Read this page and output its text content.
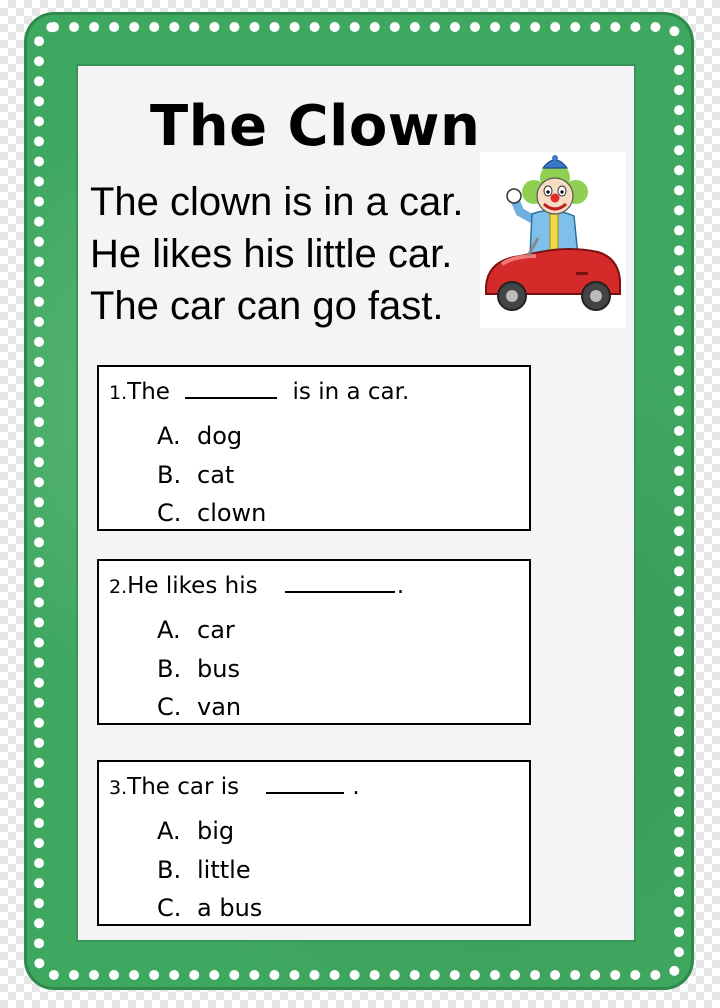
The Clown
The clown is in a car.
He likes his little car.
The car can go fast.
1.The	is in a car.
A. dog
B. cat
C. clown
2.He likes his	.
A. car
B. bus
C. van
3.The car is	.
A. big
B. little
C. a bus
